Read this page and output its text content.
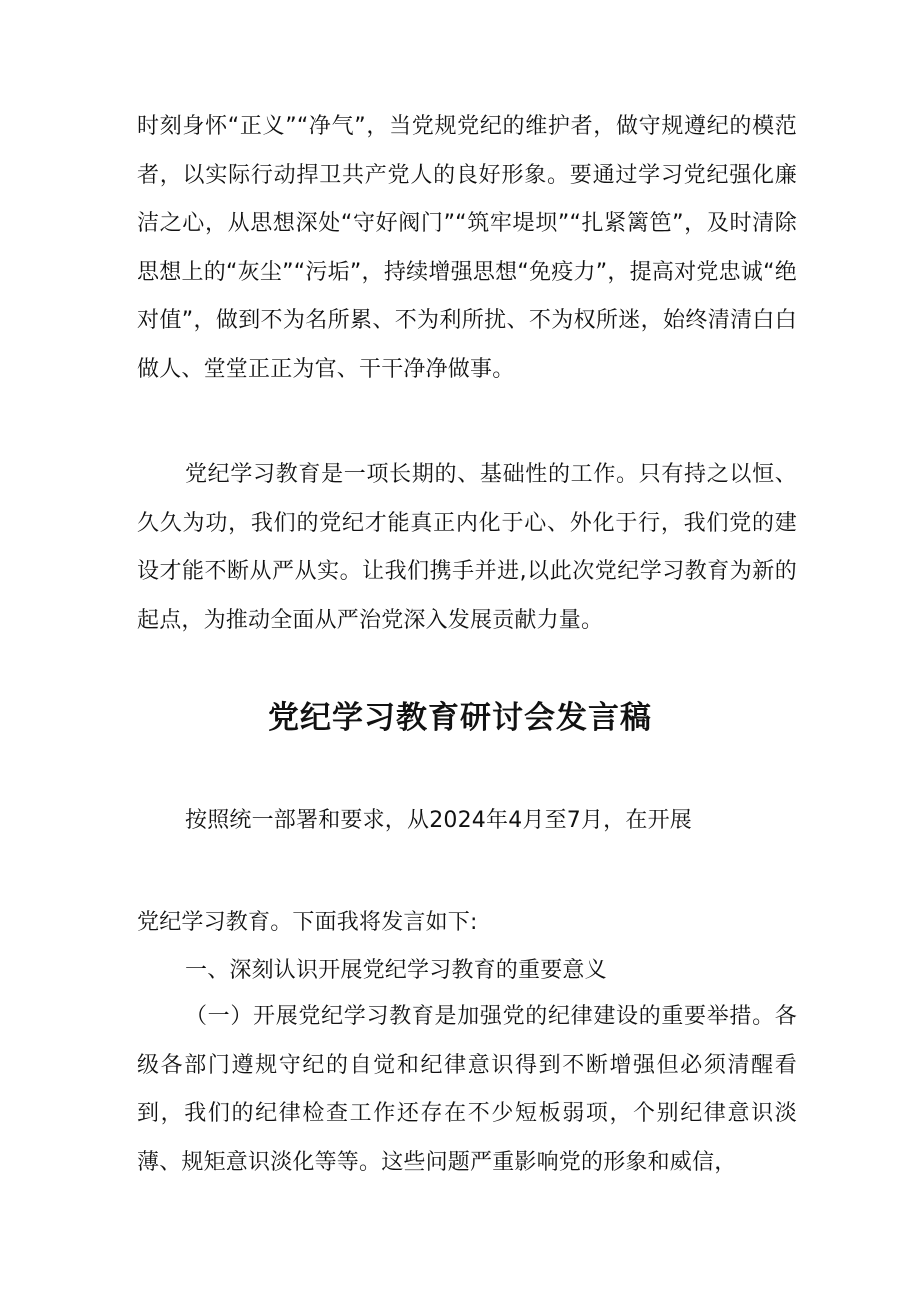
时刻身怀“正义”“净气”，当党规党纪的维护者，做守规遵纪的模范者，以实际行动捍卫共产党人的良好形象。要通过学习党纪强化廉洁之心，从思想深处“守好阀门”“筑牢堤坝”“扎紧篱笆”，及时清除思想上的“灰尘”“污垢”，持续增强思想“免疫力”，提高对党忠诚“绝对值”，做到不为名所累、不为利所扰、不为权所迷，始终清清白白做人、堂堂正正为官、干干净净做事。

党纪学习教育是一项长期的、基础性的工作。只有持之以恒、久久为功，我们的党纪才能真正内化于心、外化于行，我们党的建设才能不断从严从实。让我们携手并进,以此次党纪学习教育为新的起点，为推动全面从严治党深入发展贡献力量。

党纪学习教育研讨会发言稿

按照统一部署和要求，从2024年4月至7月，在开展

党纪学习教育。下面我将发言如下:

一、深刻认识开展党纪学习教育的重要意义

（一）开展党纪学习教育是加强党的纪律建设的重要举措。各级各部门遵规守纪的自觉和纪律意识得到不断增强但必须清醒看到，我们的纪律检查工作还存在不少短板弱项，个别纪律意识淡薄、规矩意识淡化等等。这些问题严重影响党的形象和威信，
